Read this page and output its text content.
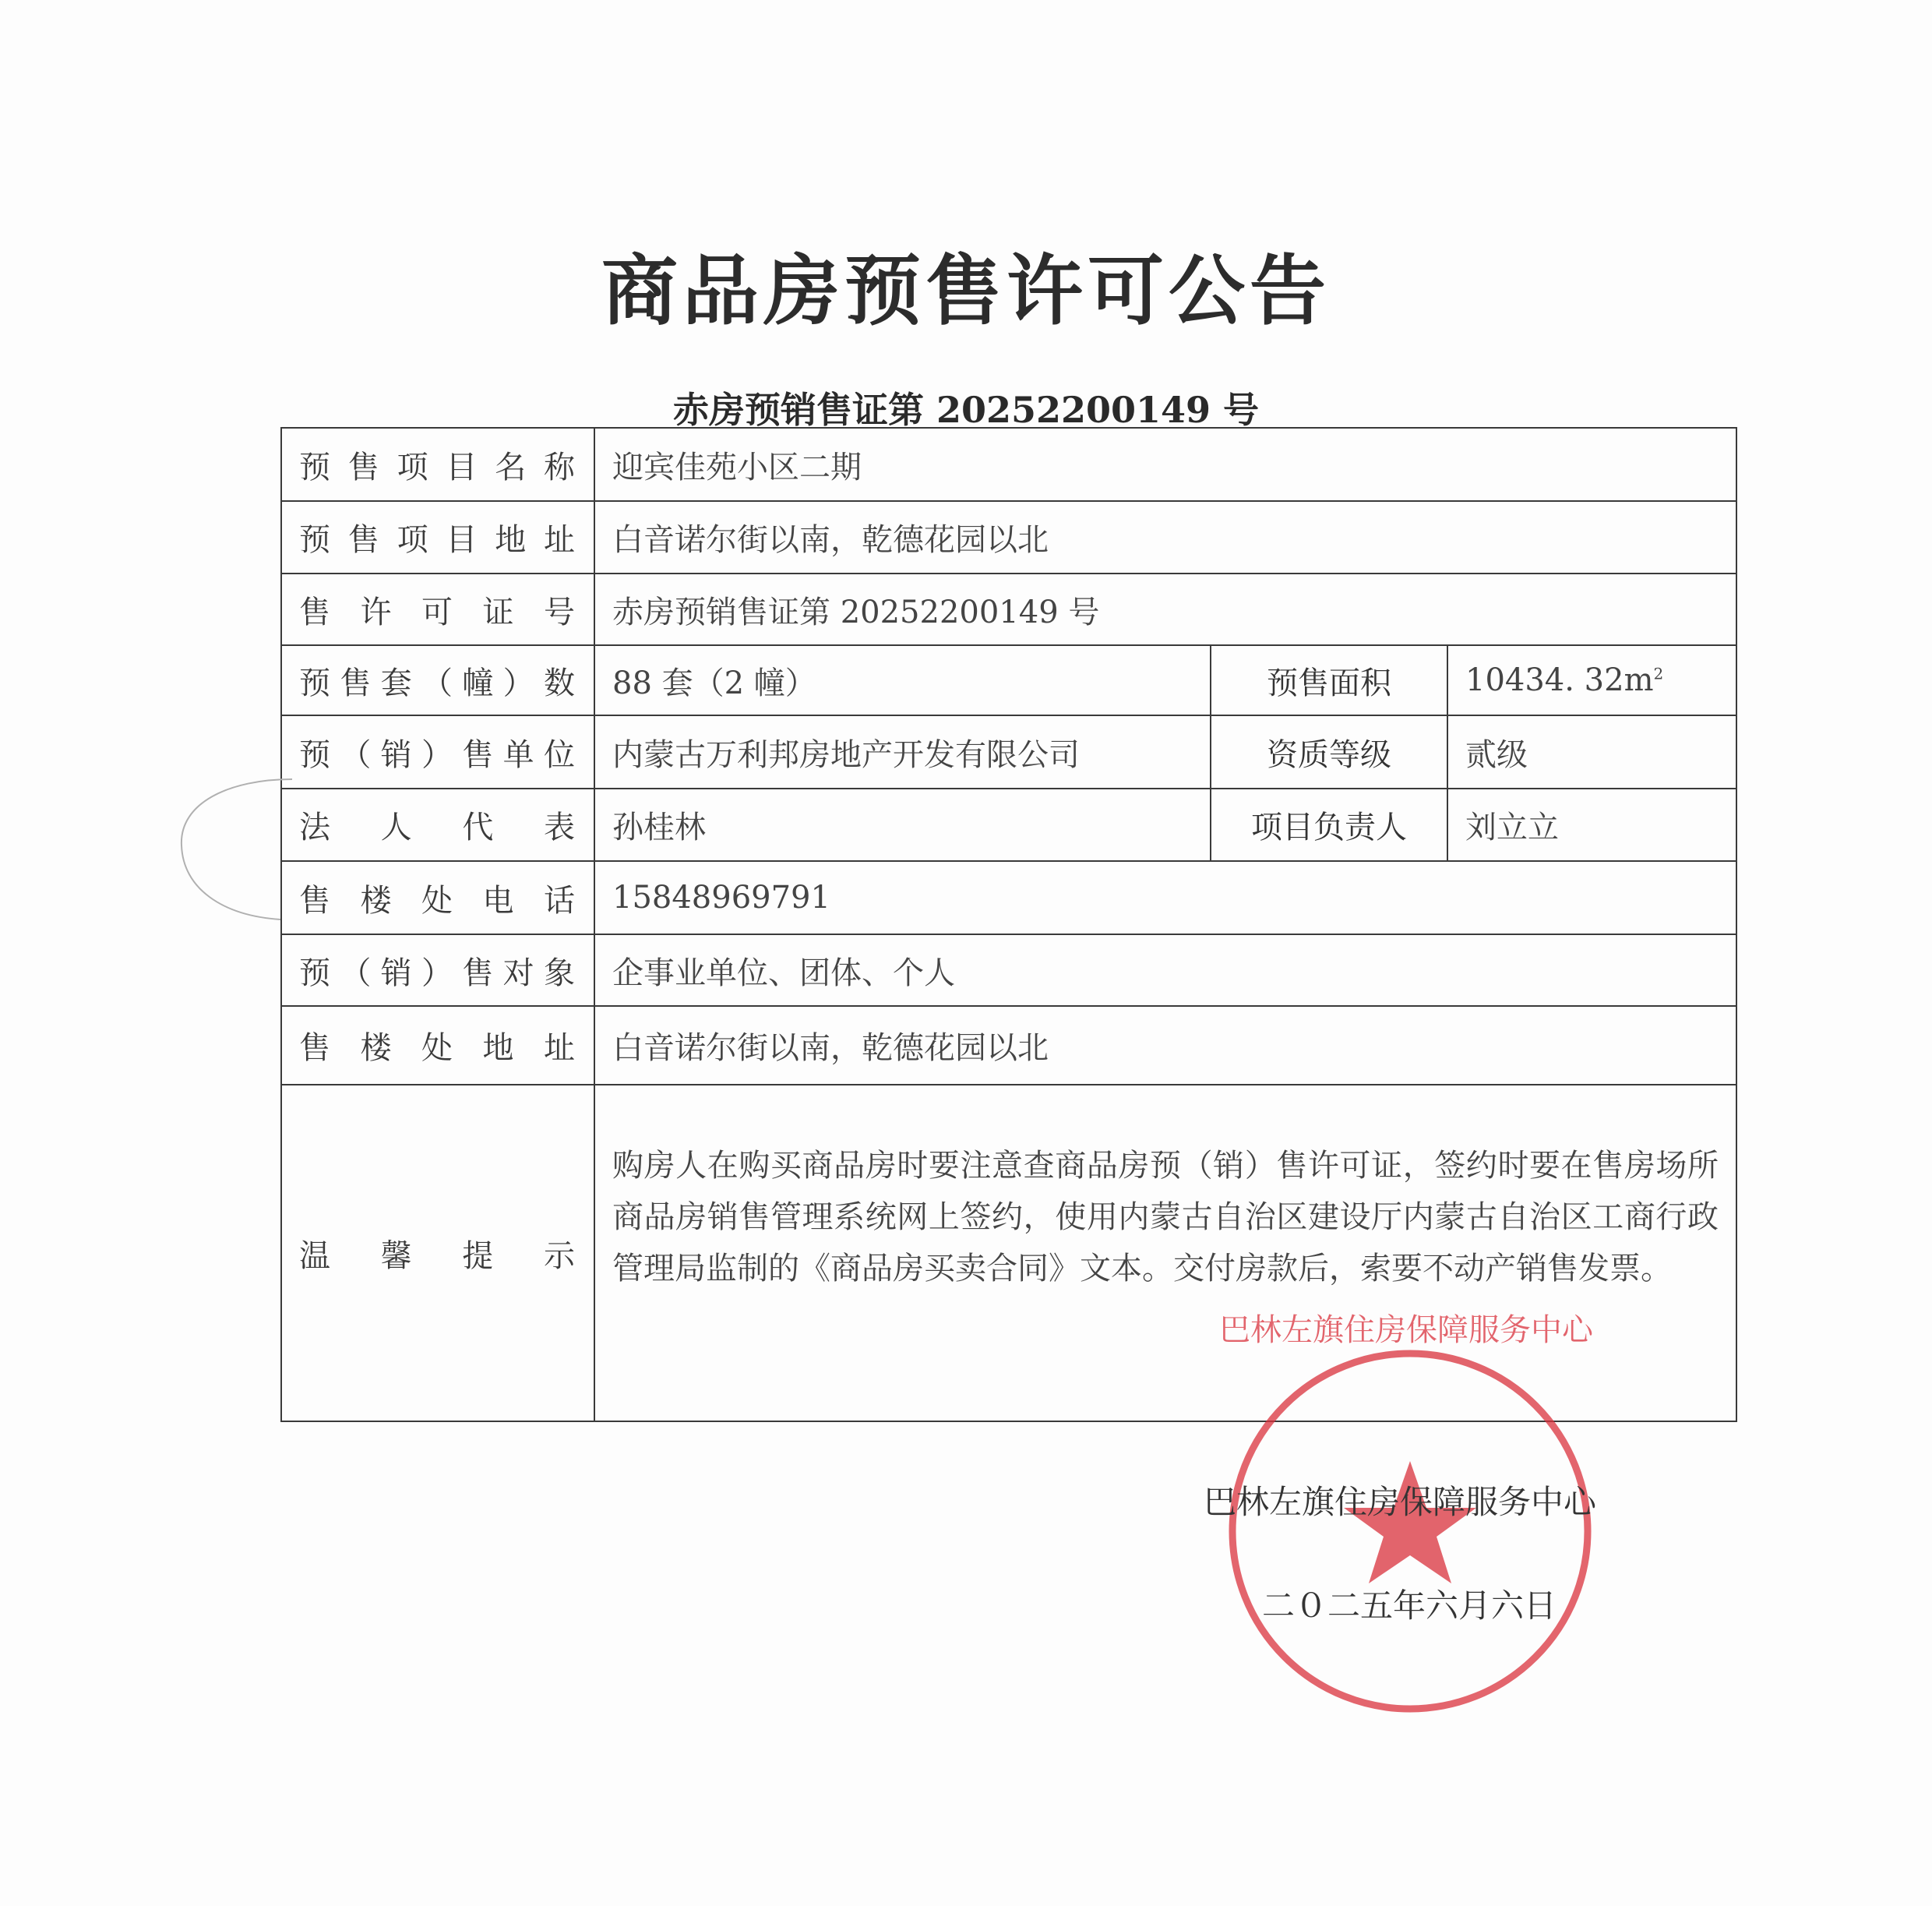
商品房预售许可公告
赤房预销售证第 20252200149 号
预售项目名称	迎宾佳苑小区二期		
预售项目地址	白音诺尔街以南，乾德花园以北		
售许可证号	赤房预销售证第 20252200149 号		
预售套（幢）数	88 套（2 幢）	预售面积	10434. $32m^2$
预（销）售单位	内蒙古万利邦房地产开发有限公司	资质等级	贰级
法人代表	孙桂林	项目负责人	刘立立
售楼处电话	15848969791		
预（销）售对象	企事业单位、团体、个人		
售楼处地址	白音诺尔街以南，乾德花园以北		
温馨提示	购房人在购买商品房时要注意查商品房预（销）售许可证，签约时要在售房场所商品房销售管理系统网上签约，使用内蒙古自治区建设厅内蒙古自治区工商行政管理局监制的《商品房买卖合同》文本。交付房款后，索要不动产销售发票。		
巴林左旗住房保障服务中心
巴林左旗住房保障服务中心
二０二五年六月六日
